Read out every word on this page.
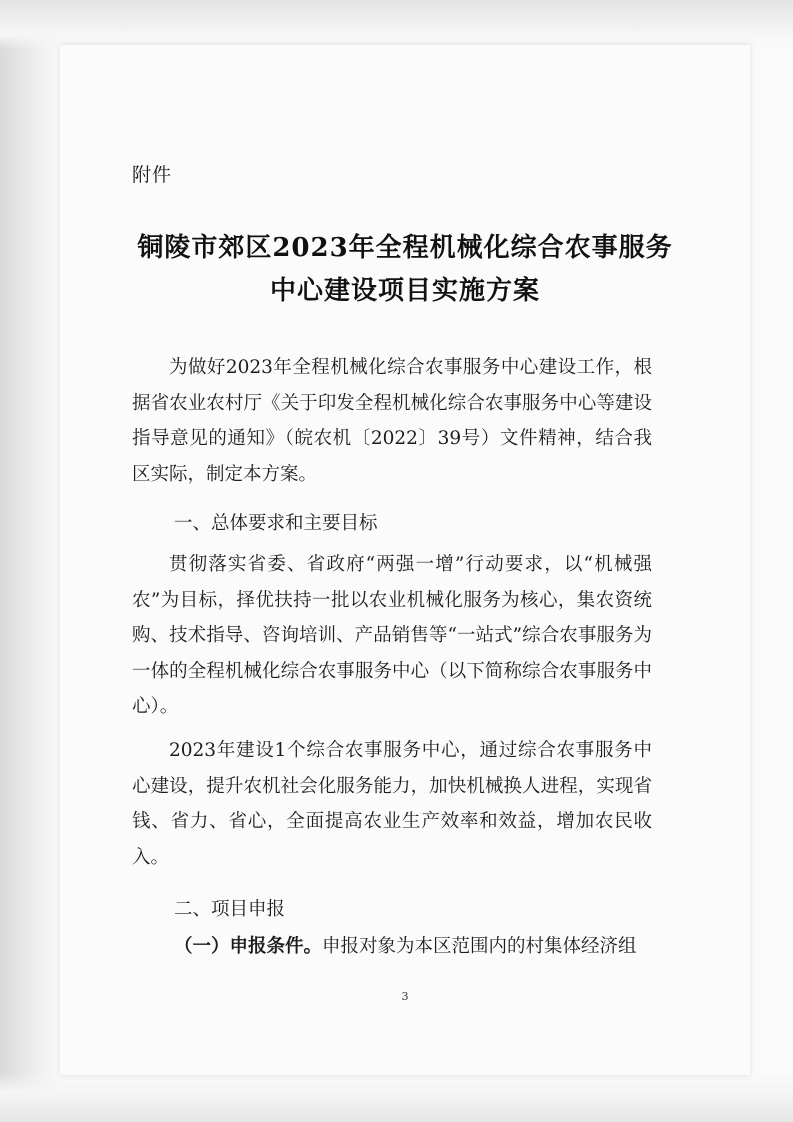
附件
铜陵市郊区2023年全程机械化综合农事服务
中心建设项目实施方案
为做好2023年全程机械化综合农事服务中心建设工作，根据省农业农村厅《关于印发全程机械化综合农事服务中心等建设指导意见的通知》（皖农机〔2022〕39号）文件精神，结合我区实际，制定本方案。
一、总体要求和主要目标
贯彻落实省委、省政府“两强一增”行动要求，以“机械强农”为目标，择优扶持一批以农业机械化服务为核心，集农资统购、技术指导、咨询培训、产品销售等“一站式”综合农事服务为一体的全程机械化综合农事服务中心（以下简称综合农事服务中心）。
2023年建设1个综合农事服务中心，通过综合农事服务中心建设，提升农机社会化服务能力，加快机械换人进程，实现省钱、省力、省心，全面提高农业生产效率和效益，增加农民收入。
二、项目申报
（一）申报条件。申报对象为本区范围内的村集体经济组
3
